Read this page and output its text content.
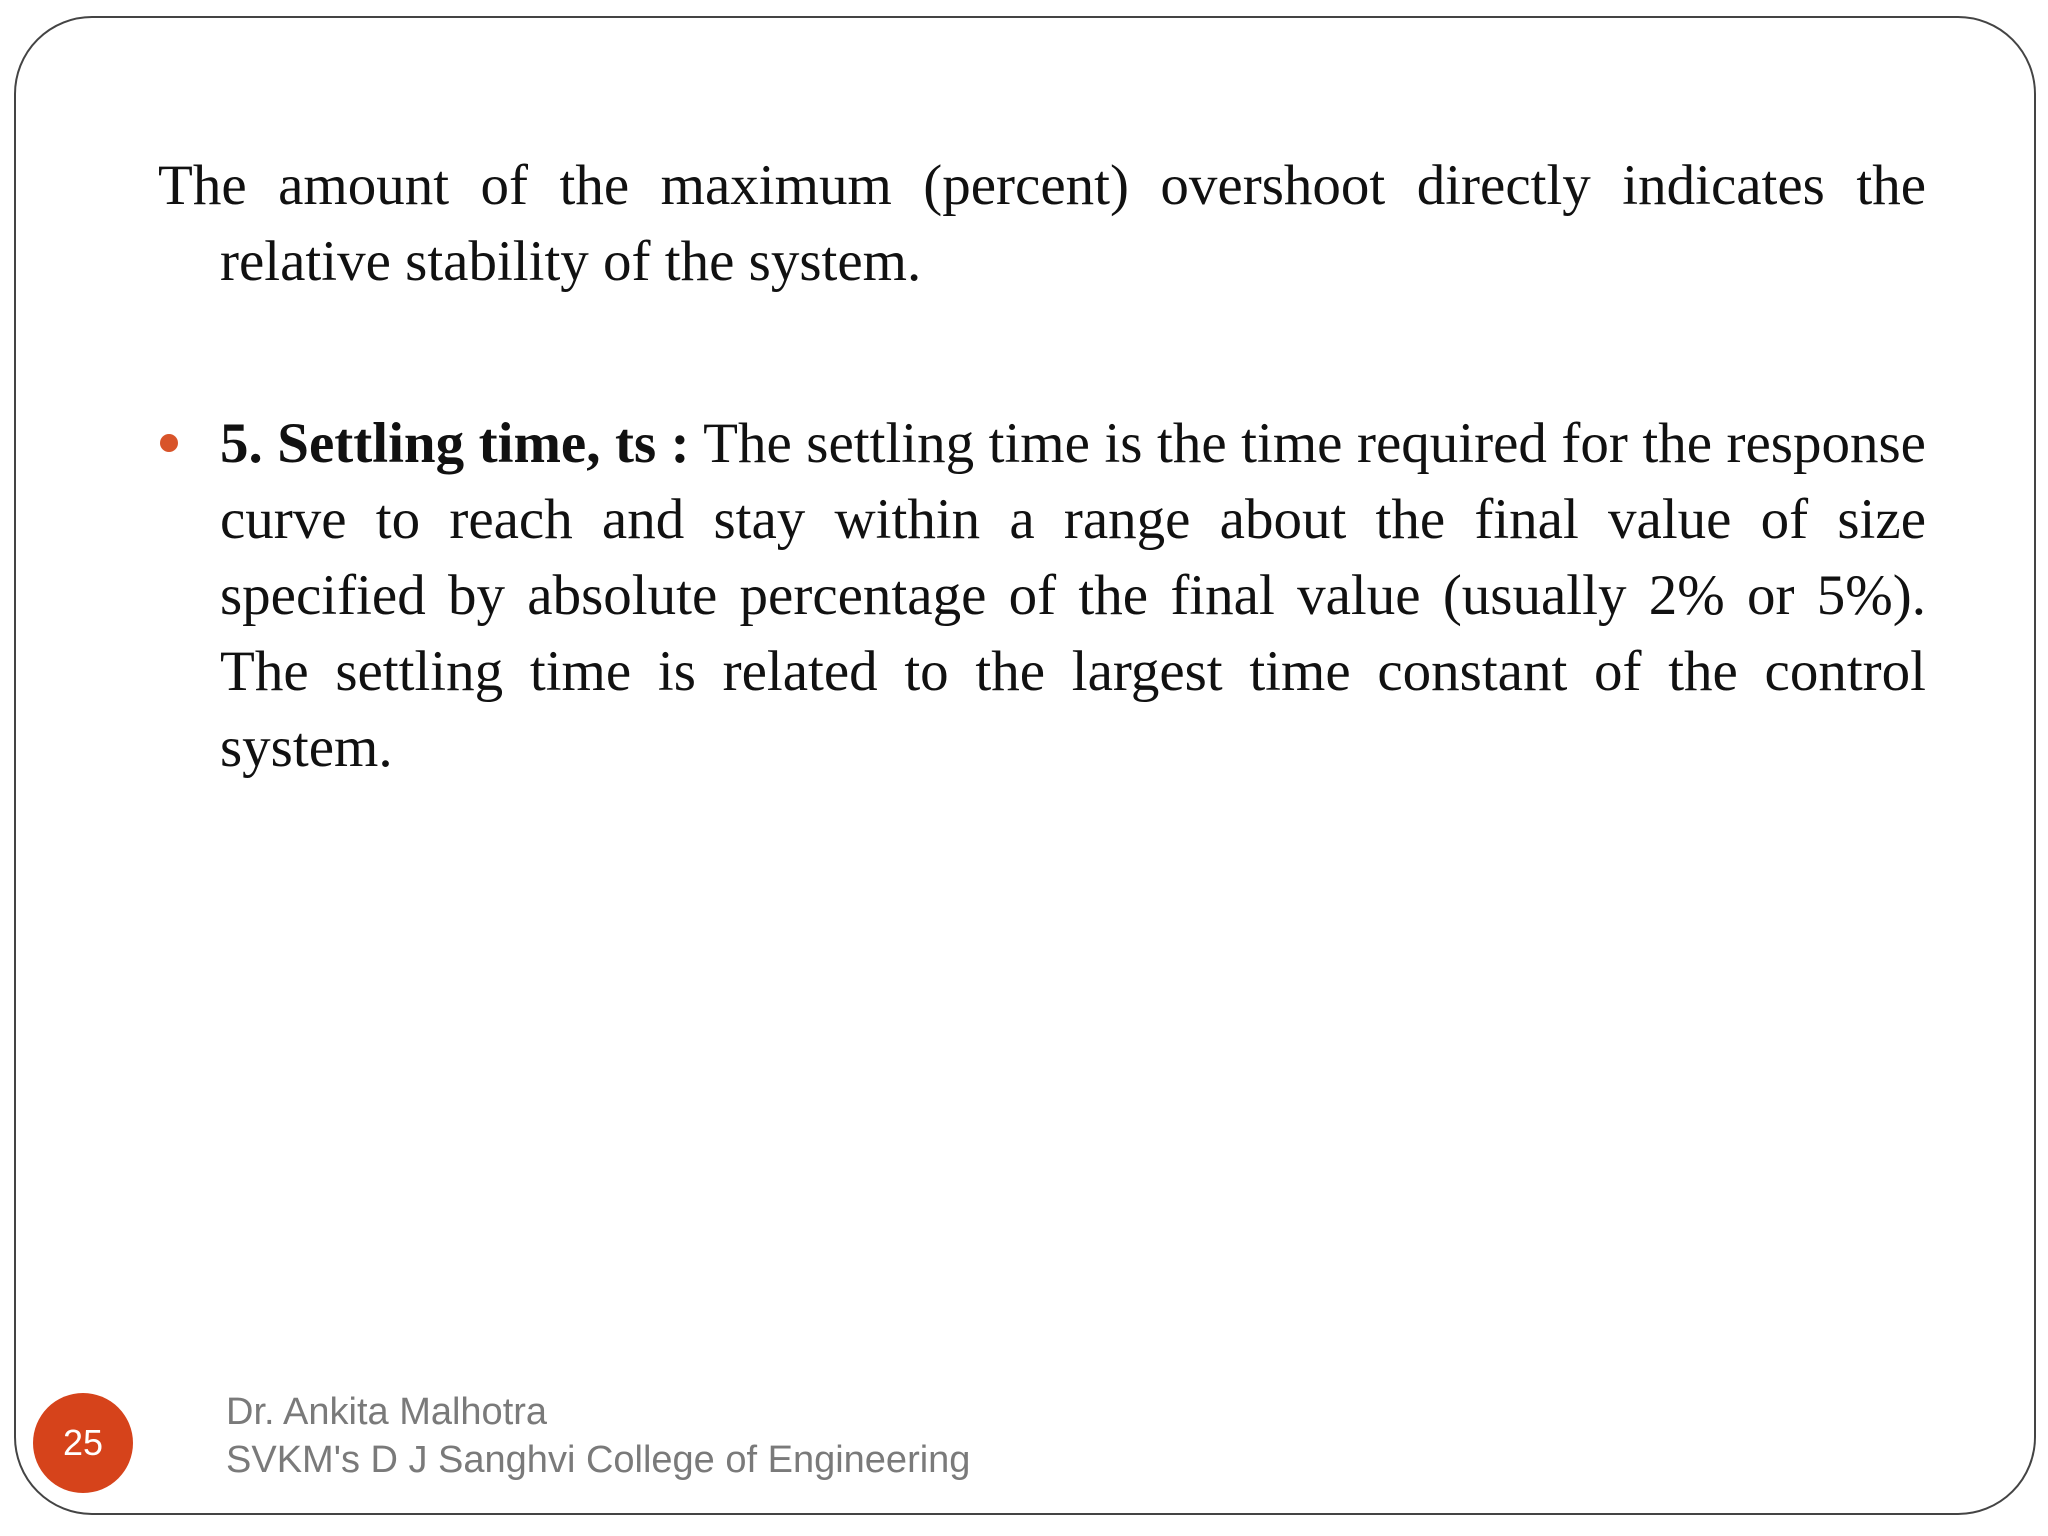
The amount of the maximum (percent) overshoot directly indicates the relative stability of the system.

5. Settling time, ts : The settling time is the time required for the response curve to reach and stay within a range about the final value of size specified by absolute percentage of the final value (usually 2% or 5%). The settling time is related to the largest time constant of the control system.
25
Dr. Ankita Malhotra
SVKM's D J Sanghvi College of Engineering
